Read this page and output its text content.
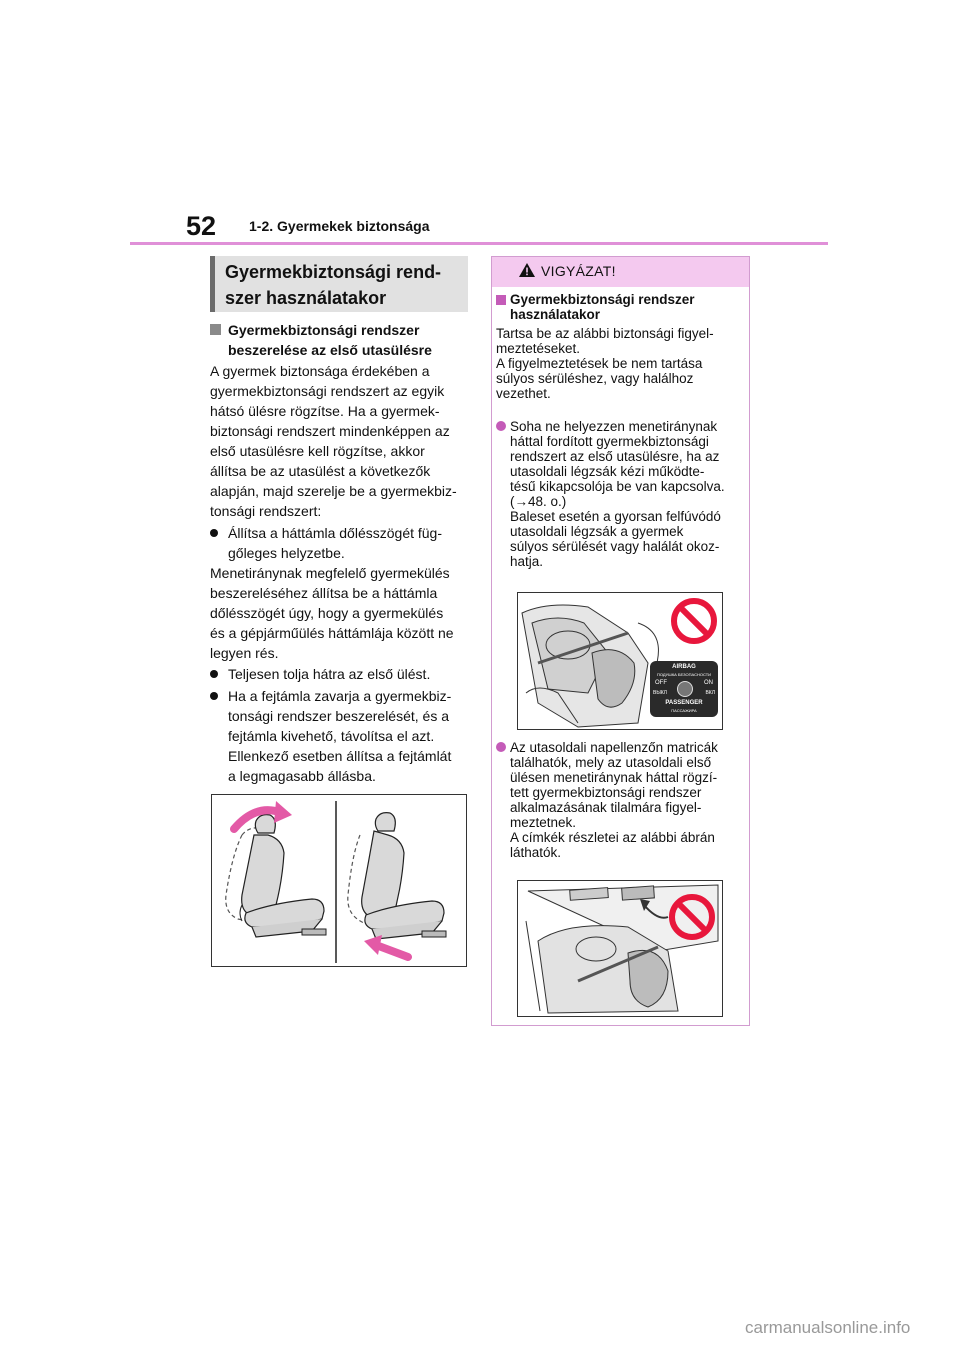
52 1-2. Gyermekek biztonsága
Gyermekbiztonsági rend-
szer használatakor
Gyermekbiztonsági rendszer
beszerelése az első utasülésre
A gyermek biztonsága érdekében a
gyermekbiztonsági rendszert az egyik
hátsó ülésre rögzítse. Ha a gyermek-
biztonsági rendszert mindenképpen az
első utasülésre kell rögzítse, akkor
állítsa be az utasülést a következők
alapján, majd szerelje be a gyermekbiz-
tonsági rendszert:
Állítsa a háttámla dőlésszögét füg-
gőleges helyzetbe.
Menetiránynak megfelelő gyermekülés
beszereléséhez állítsa be a háttámla
dőlésszögét úgy, hogy a gyermekülés
és a gépjárműülés háttámlája között ne
legyen rés.
Teljesen tolja hátra az első ülést.
Ha a fejtámla zavarja a gyermekbiz-
tonsági rendszer beszerelését, és a
fejtámla kivehető, távolítsa el azt.
Ellenkező esetben állítsa a fejtámlát
a legmagasabb állásba.
VIGYÁZAT!
Gyermekbiztonsági rendszer
használatakor
Tartsa be az alábbi biztonsági figyel-
meztetéseket.
A figyelmeztetések be nem tartása
súlyos sérüléshez, vagy halálhoz
vezethet.
Soha ne helyezzen menetiránynak
háttal fordított gyermekbiztonsági
rendszert az első utasülésre, ha az
utasoldali légzsák kézi működte-
tésű kikapcsolója be van kapcsolva.
(→48. o.)
Baleset esetén a gyorsan felfúvódó
utasoldali légzsák a gyermek
súlyos sérülését vagy halálát okoz-
hatja.
AIRBAG
ПОДУШКА БЕЗОПАСНОСТИ
OFF	ON
ВЫКЛ	ВКЛ
PASSENGER
ПАССАЖИРА
Az utasoldali napellenzőn matricák
találhatók, mely az utasoldali első
ülésen menetiránynak háttal rögzí-
tett gyermekbiztonsági rendszer
alkalmazásának tilalmára figyel-
meztetnek.
A címkék részletei az alábbi ábrán
láthatók.
carmanualsonline.info
